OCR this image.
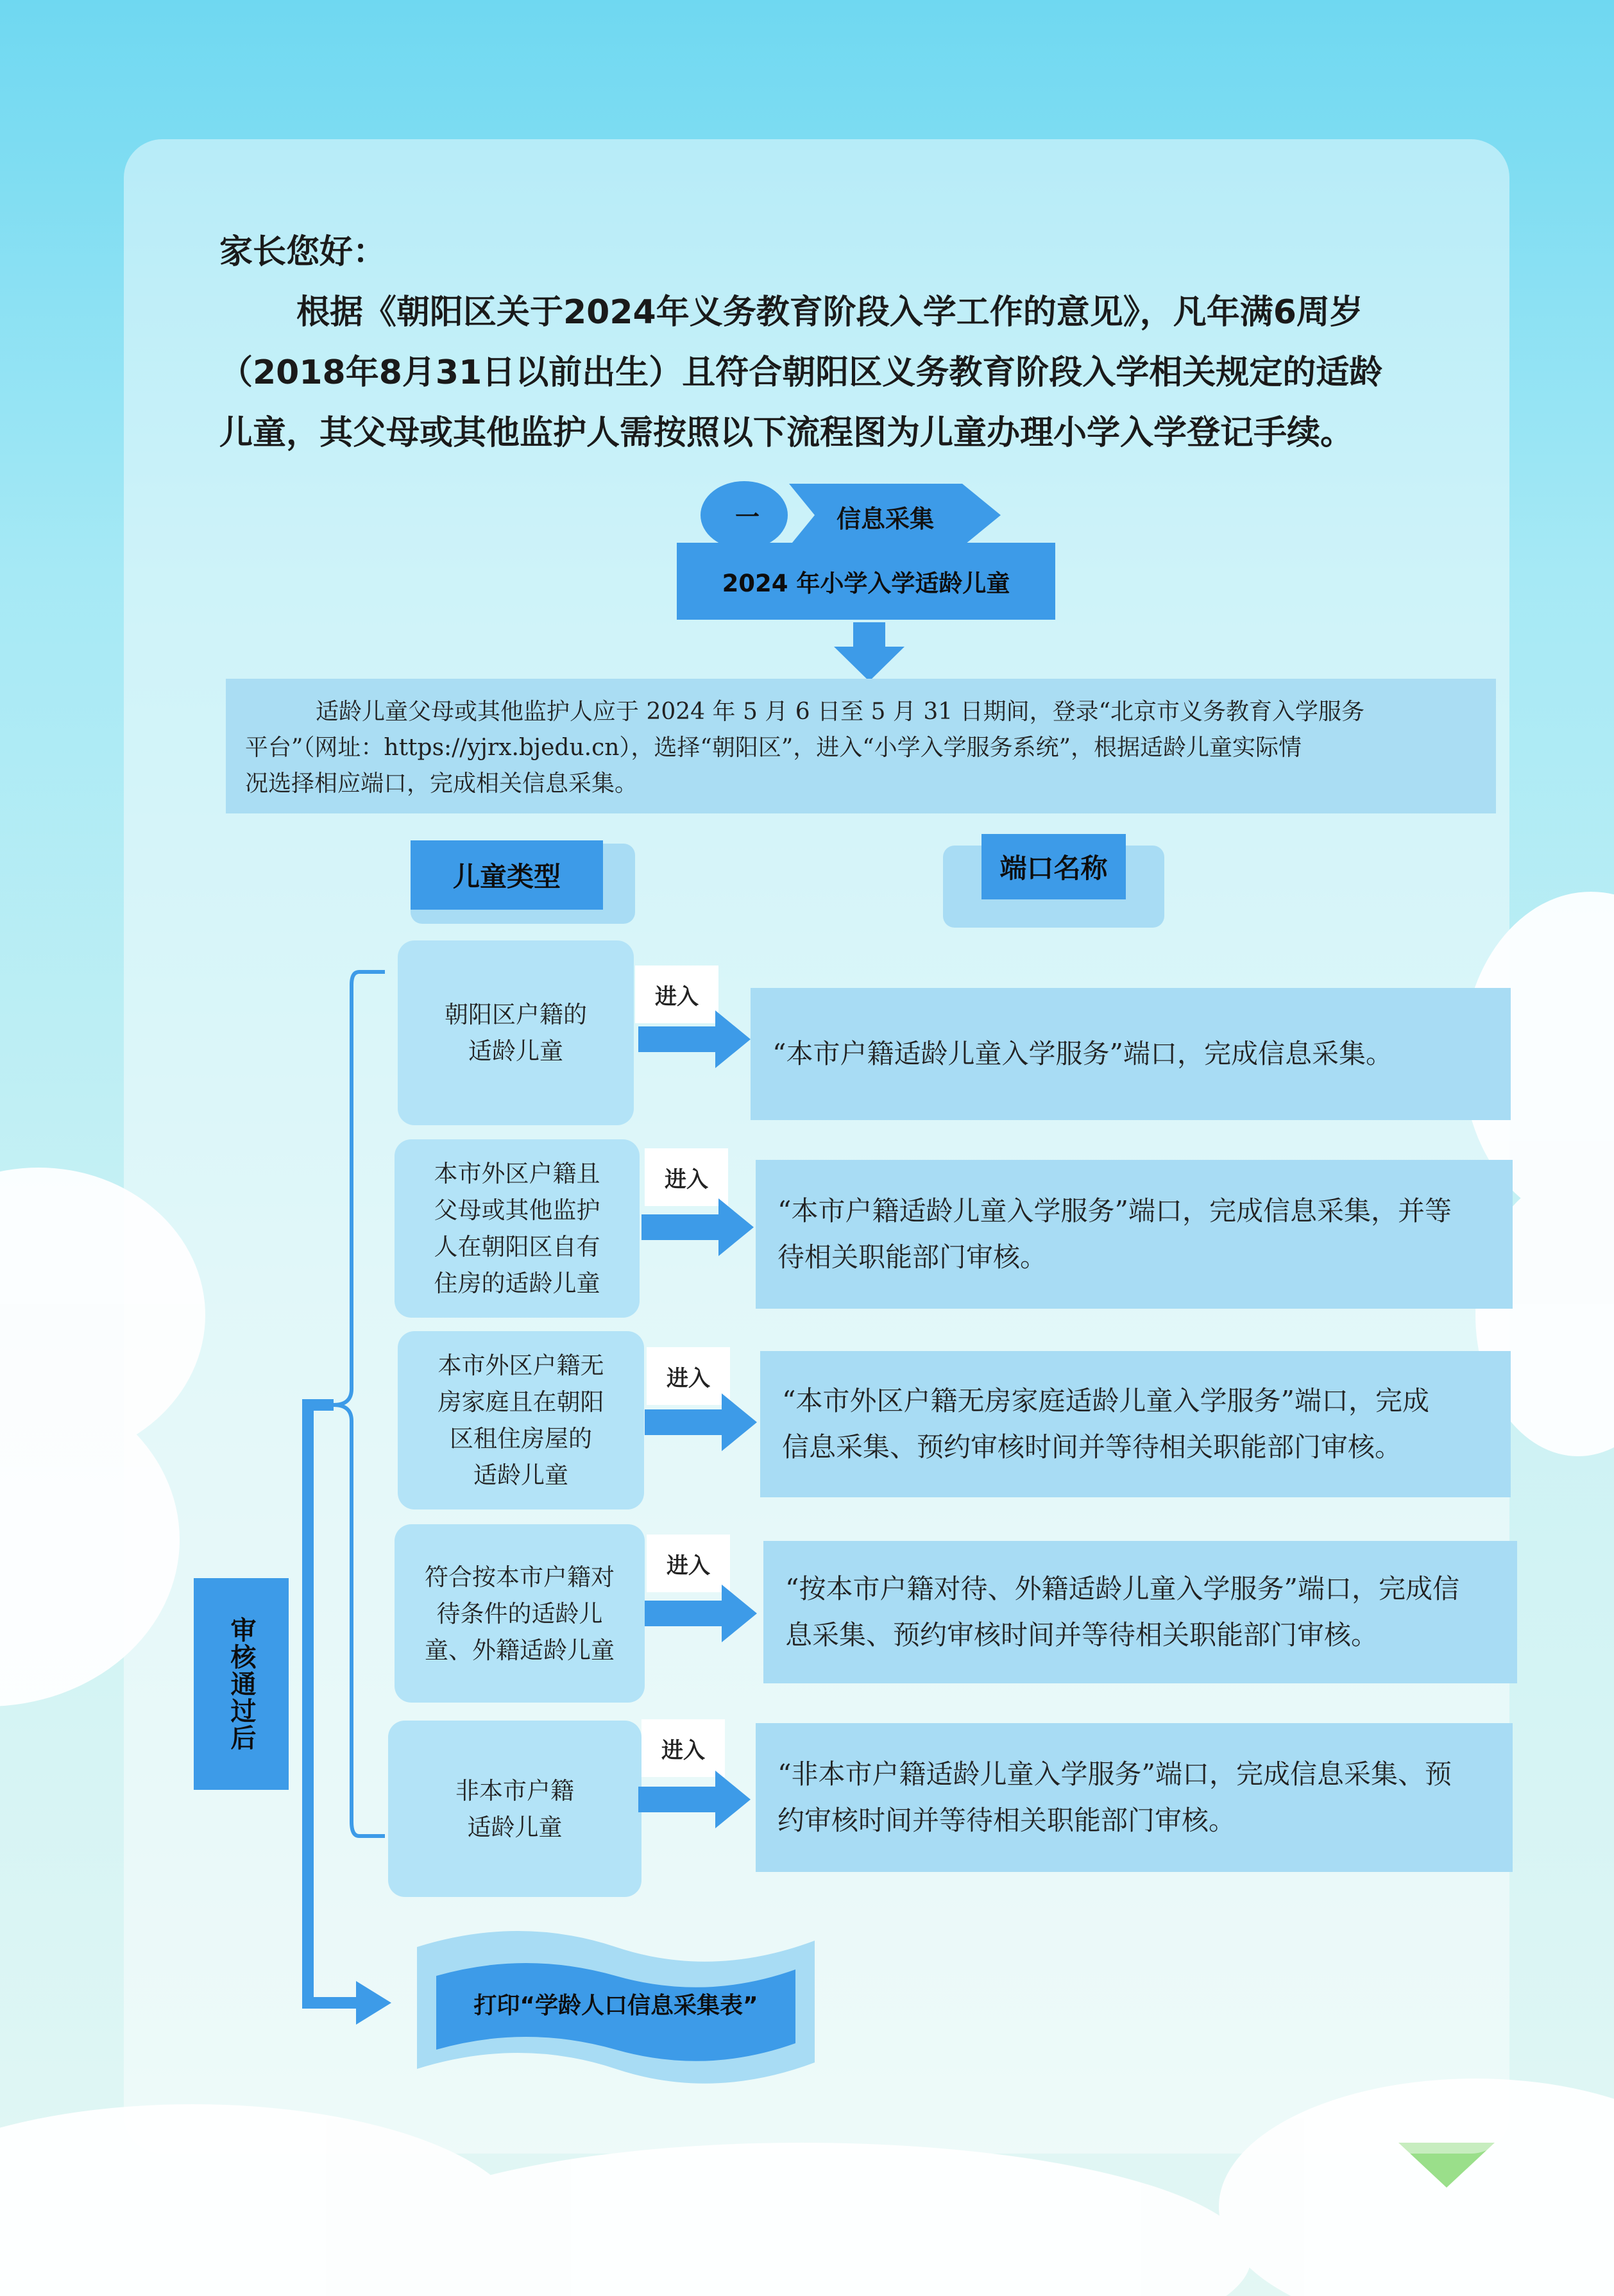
家长您好：
根据《朝阳区关于2024年义务教育阶段入学工作的意见》，凡年满6周岁
（2018年8月31日以前出生）且符合朝阳区义务教育阶段入学相关规定的适龄
儿童，其父母或其他监护人需按照以下流程图为儿童办理小学入学登记手续。
一	信息采集
2024 年小学入学适龄儿童
适龄儿童父母或其他监护人应于 2024 年 5 月 6 日至 5 月 31 日期间，登录“北京市义务教育入学服务
平台”（网址：https://yjrx.bjedu.cn），选择“朝阳区”，进入“小学入学服务系统”，根据适龄儿童实际情
况选择相应端口，完成相关信息采集。
儿童类型	端口名称
审核通过后
朝阳区户籍的
适龄儿童
进入
“本市户籍适龄儿童入学服务”端口，完成信息采集。
本市外区户籍且
父母或其他监护
人在朝阳区自有
住房的适龄儿童
进入
“本市户籍适龄儿童入学服务”端口，完成信息采集，并等
待相关职能部门审核。
本市外区户籍无
房家庭且在朝阳
区租住房屋的
适龄儿童
进入
“本市外区户籍无房家庭适龄儿童入学服务”端口，完成
信息采集、预约审核时间并等待相关职能部门审核。
符合按本市户籍对
待条件的适龄儿
童、外籍适龄儿童
进入
“按本市户籍对待、外籍适龄儿童入学服务”端口，完成信
息采集、预约审核时间并等待相关职能部门审核。
非本市户籍
适龄儿童
进入
“非本市户籍适龄儿童入学服务”端口，完成信息采集、预
约审核时间并等待相关职能部门审核。
打印“学龄人口信息采集表”
